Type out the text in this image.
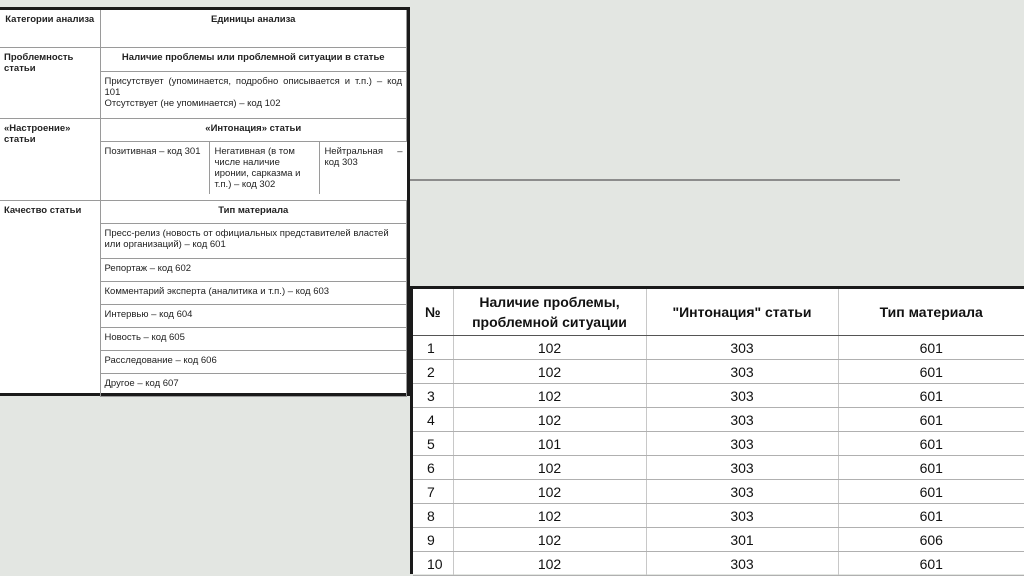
Категории анализа	Единицы анализа
Проблемность статьи	Наличие проблемы или проблемной ситуации в статье

Присутствует (упоминается, подробно описывается и т.п.) – код 101
Отсутствует (не упоминается) – код 102

«Настроение» статьи	«Интонация» статьи

Позитивная – код 301	Негативная (в том числе наличие иронии, сарказма и т.п.) – код 302	Нейтральная – код 303

Качество статьи	Тип материала
Пресс-релиз (новость от официальных представителей властей или организаций) – код 601
Репортаж – код 602
Комментарий эксперта (аналитика и т.п.) – код 603
Интервью – код 604
Новость – код 605
Расследование – код 606
Другое – код 607
№	Наличие проблемы, проблемной ситуации	"Интонация" статьи	Тип материала
1	102	303	601
2	102	303	601
3	102	303	601
4	102	303	601
5	101	303	601
6	102	303	601
7	102	303	601
8	102	303	601
9	102	301	606
10	102	303	601
